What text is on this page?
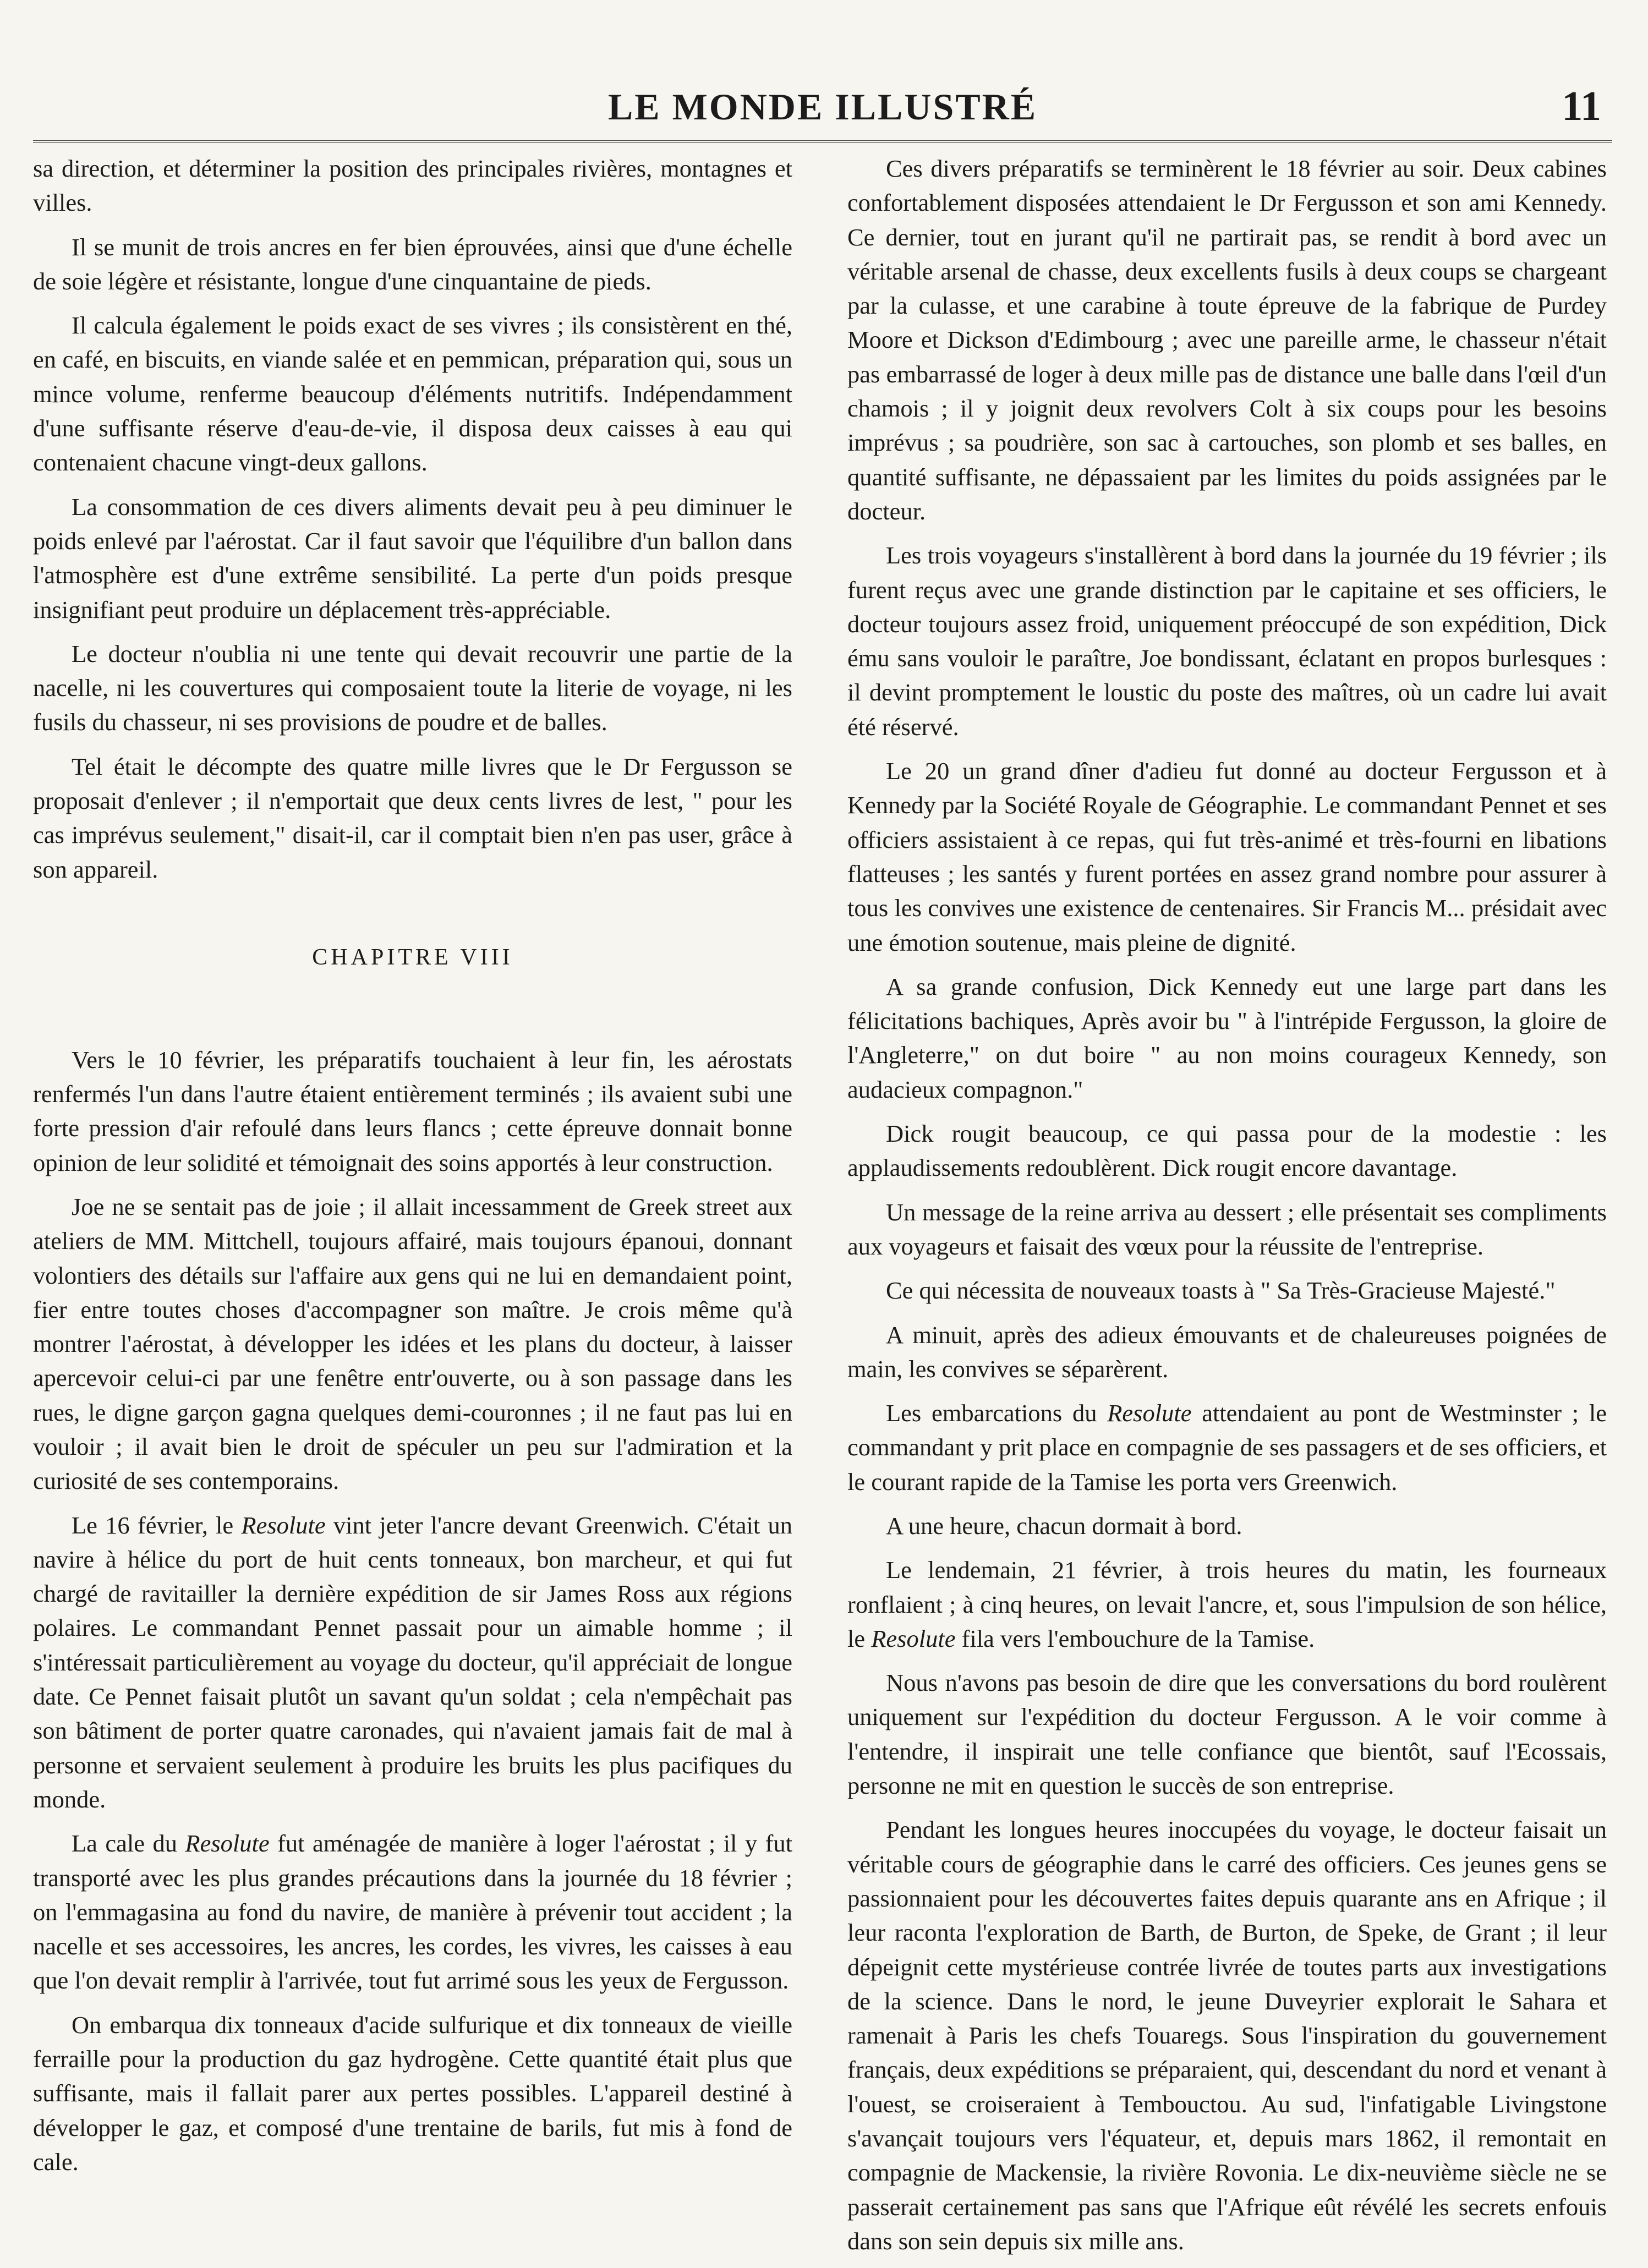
LE MONDE ILLUSTRÉ	11

sa direction, et déterminer la position des principales rivières, montagnes et villes.

Il se munit de trois ancres en fer bien éprouvées, ainsi que d'une échelle de soie légère et résistante, longue d'une cinquantaine de pieds.

Il calcula également le poids exact de ses vivres ; ils consistèrent en thé, en café, en biscuits, en viande salée et en pemmican, préparation qui, sous un mince volume, renferme beaucoup d'éléments nutritifs. Indépendamment d'une suffisante réserve d'eau-de-vie, il disposa deux caisses à eau qui contenaient chacune vingt-deux gallons.

La consommation de ces divers aliments devait peu à peu diminuer le poids enlevé par l'aérostat. Car il faut savoir que l'équilibre d'un ballon dans l'atmosphère est d'une extrême sensibilité. La perte d'un poids presque insignifiant peut produire un déplacement très-appréciable.

Le docteur n'oublia ni une tente qui devait recouvrir une partie de la nacelle, ni les couvertures qui composaient toute la literie de voyage, ni les fusils du chasseur, ni ses provisions de poudre et de balles.

Tel était le décompte des quatre mille livres que le Dr Fergusson se proposait d'enlever ; il n'emportait que deux cents livres de lest, " pour les cas imprévus seulement," disait-il, car il comptait bien n'en pas user, grâce à son appareil.

CHAPITRE VIII

Vers le 10 février, les préparatifs touchaient à leur fin, les aérostats renfermés l'un dans l'autre étaient entièrement terminés ; ils avaient subi une forte pression d'air refoulé dans leurs flancs ; cette épreuve donnait bonne opinion de leur solidité et témoignait des soins apportés à leur construction.

Joe ne se sentait pas de joie ; il allait incessamment de Greek street aux ateliers de MM. Mittchell, toujours affairé, mais toujours épanoui, donnant volontiers des détails sur l'affaire aux gens qui ne lui en demandaient point, fier entre toutes choses d'accompagner son maître. Je crois même qu'à montrer l'aérostat, à développer les idées et les plans du docteur, à laisser apercevoir celui-ci par une fenêtre entr'ouverte, ou à son passage dans les rues, le digne garçon gagna quelques demi-couronnes ; il ne faut pas lui en vouloir ; il avait bien le droit de spéculer un peu sur l'admiration et la curiosité de ses contemporains.

Le 16 février, le Resolute vint jeter l'ancre devant Greenwich. C'était un navire à hélice du port de huit cents tonneaux, bon marcheur, et qui fut chargé de ravitailler la dernière expédition de sir James Ross aux régions polaires. Le commandant Pennet passait pour un aimable homme ; il s'intéressait particulièrement au voyage du docteur, qu'il appréciait de longue date. Ce Pennet faisait plutôt un savant qu'un soldat ; cela n'empêchait pas son bâtiment de porter quatre caronades, qui n'avaient jamais fait de mal à personne et servaient seulement à produire les bruits les plus pacifiques du monde.

La cale du Resolute fut aménagée de manière à loger l'aérostat ; il y fut transporté avec les plus grandes précautions dans la journée du 18 février ; on l'emmagasina au fond du navire, de manière à prévenir tout accident ; la nacelle et ses accessoires, les ancres, les cordes, les vivres, les caisses à eau que l'on devait remplir à l'arrivée, tout fut arrimé sous les yeux de Fergusson.

On embarqua dix tonneaux d'acide sulfurique et dix tonneaux de vieille ferraille pour la production du gaz hydrogène. Cette quantité était plus que suffisante, mais il fallait parer aux pertes possibles. L'appareil destiné à développer le gaz, et composé d'une trentaine de barils, fut mis à fond de cale.

Ces divers préparatifs se terminèrent le 18 février au soir. Deux cabines confortablement disposées attendaient le Dr Fergusson et son ami Kennedy. Ce dernier, tout en jurant qu'il ne partirait pas, se rendit à bord avec un véritable arsenal de chasse, deux excellents fusils à deux coups se chargeant par la culasse, et une carabine à toute épreuve de la fabrique de Purdey Moore et Dickson d'Edimbourg ; avec une pareille arme, le chasseur n'était pas embarrassé de loger à deux mille pas de distance une balle dans l'œil d'un chamois ; il y joignit deux revolvers Colt à six coups pour les besoins imprévus ; sa poudrière, son sac à cartouches, son plomb et ses balles, en quantité suffisante, ne dépassaient par les limites du poids assignées par le docteur.

Les trois voyageurs s'installèrent à bord dans la journée du 19 février ; ils furent reçus avec une grande distinction par le capitaine et ses officiers, le docteur toujours assez froid, uniquement préoccupé de son expédition, Dick ému sans vouloir le paraître, Joe bondissant, éclatant en propos burlesques : il devint promptement le loustic du poste des maîtres, où un cadre lui avait été réservé.

Le 20 un grand dîner d'adieu fut donné au docteur Fergusson et à Kennedy par la Société Royale de Géographie. Le commandant Pennet et ses officiers assistaient à ce repas, qui fut très-animé et très-fourni en libations flatteuses ; les santés y furent portées en assez grand nombre pour assurer à tous les convives une existence de centenaires. Sir Francis M... présidait avec une émotion soutenue, mais pleine de dignité.

A sa grande confusion, Dick Kennedy eut une large part dans les félicitations bachiques, Après avoir bu " à l'intrépide Fergusson, la gloire de l'Angleterre," on dut boire " au non moins courageux Kennedy, son audacieux compagnon."

Dick rougit beaucoup, ce qui passa pour de la modestie : les applaudissements redoublèrent. Dick rougit encore davantage.

Un message de la reine arriva au dessert ; elle présentait ses compliments aux voyageurs et faisait des vœux pour la réussite de l'entreprise.

Ce qui nécessita de nouveaux toasts à " Sa Très-Gracieuse Majesté."

A minuit, après des adieux émouvants et de chaleureuses poignées de main, les convives se séparèrent.

Les embarcations du Resolute attendaient au pont de Westminster ; le commandant y prit place en compagnie de ses passagers et de ses officiers, et le courant rapide de la Tamise les porta vers Greenwich.

A une heure, chacun dormait à bord.

Le lendemain, 21 février, à trois heures du matin, les fourneaux ronflaient ; à cinq heures, on levait l'ancre, et, sous l'impulsion de son hélice, le Resolute fila vers l'embouchure de la Tamise.

Nous n'avons pas besoin de dire que les conversations du bord roulèrent uniquement sur l'expédition du docteur Fergusson. A le voir comme à l'entendre, il inspirait une telle confiance que bientôt, sauf l'Ecossais, personne ne mit en question le succès de son entreprise.

Pendant les longues heures inoccupées du voyage, le docteur faisait un véritable cours de géographie dans le carré des officiers. Ces jeunes gens se passionnaient pour les découvertes faites depuis quarante ans en Afrique ; il leur raconta l'exploration de Barth, de Burton, de Speke, de Grant ; il leur dépeignit cette mystérieuse contrée livrée de toutes parts aux investigations de la science. Dans le nord, le jeune Duveyrier explorait le Sahara et ramenait à Paris les chefs Touaregs. Sous l'inspiration du gouvernement français, deux expéditions se préparaient, qui, descendant du nord et venant à l'ouest, se croiseraient à Tembouctou. Au sud, l'infatigable Livingstone s'avançait toujours vers l'équateur, et, depuis mars 1862, il remontait en compagnie de Mackensie, la rivière Rovonia. Le dix-neuvième siècle ne se passerait certainement pas sans que l'Afrique eût révélé les secrets enfouis dans son sein depuis six mille ans.
